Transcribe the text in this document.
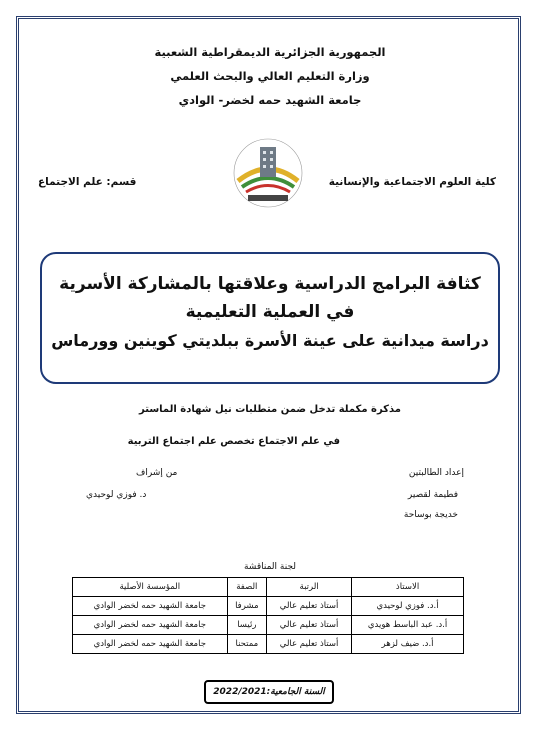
الجمهورية الجزائرية الديمقراطية الشعبية
وزارة التعليم العالي والبحث العلمي
جامعة الشهيد حمه لخضر- الوادي
كلية العلوم الاجتماعية والإنسانية
قسم: علم الاجتماع
كثافة البرامج الدراسية وعلاقتها بالمشاركة الأسرية
في العملية التعليمية
دراسة ميدانية على عينة الأسرة ببلديتي كوينين وورماس
مذكرة مكملة تدخل ضمن متطلبات نيل شهادة الماستر
في علم الاجتماع تخصص علم اجتماع التربية
إعداد الطالبتين
فطيمة لقصير
خديجة بوساحة
من إشراف
د. فوزي لوحيدي
لجنة المناقشة
الاستاذ	الرتبة	الصفة	المؤسسة الأصلية
أ.د. فوزي لوحيدي	أستاذ تعليم عالي	مشرفا	جامعة الشهيد حمه لخضر الوادي
أ.د. عبد الباسط هويدي	أستاذ تعليم عالي	رئيسا	جامعة الشهيد حمه لخضر الوادي
أ.د. ضيف لزهر	أستاذ تعليم عالي	ممتحنا	جامعة الشهيد حمه لخضر الوادي
السنة الجامعية:2022/2021
